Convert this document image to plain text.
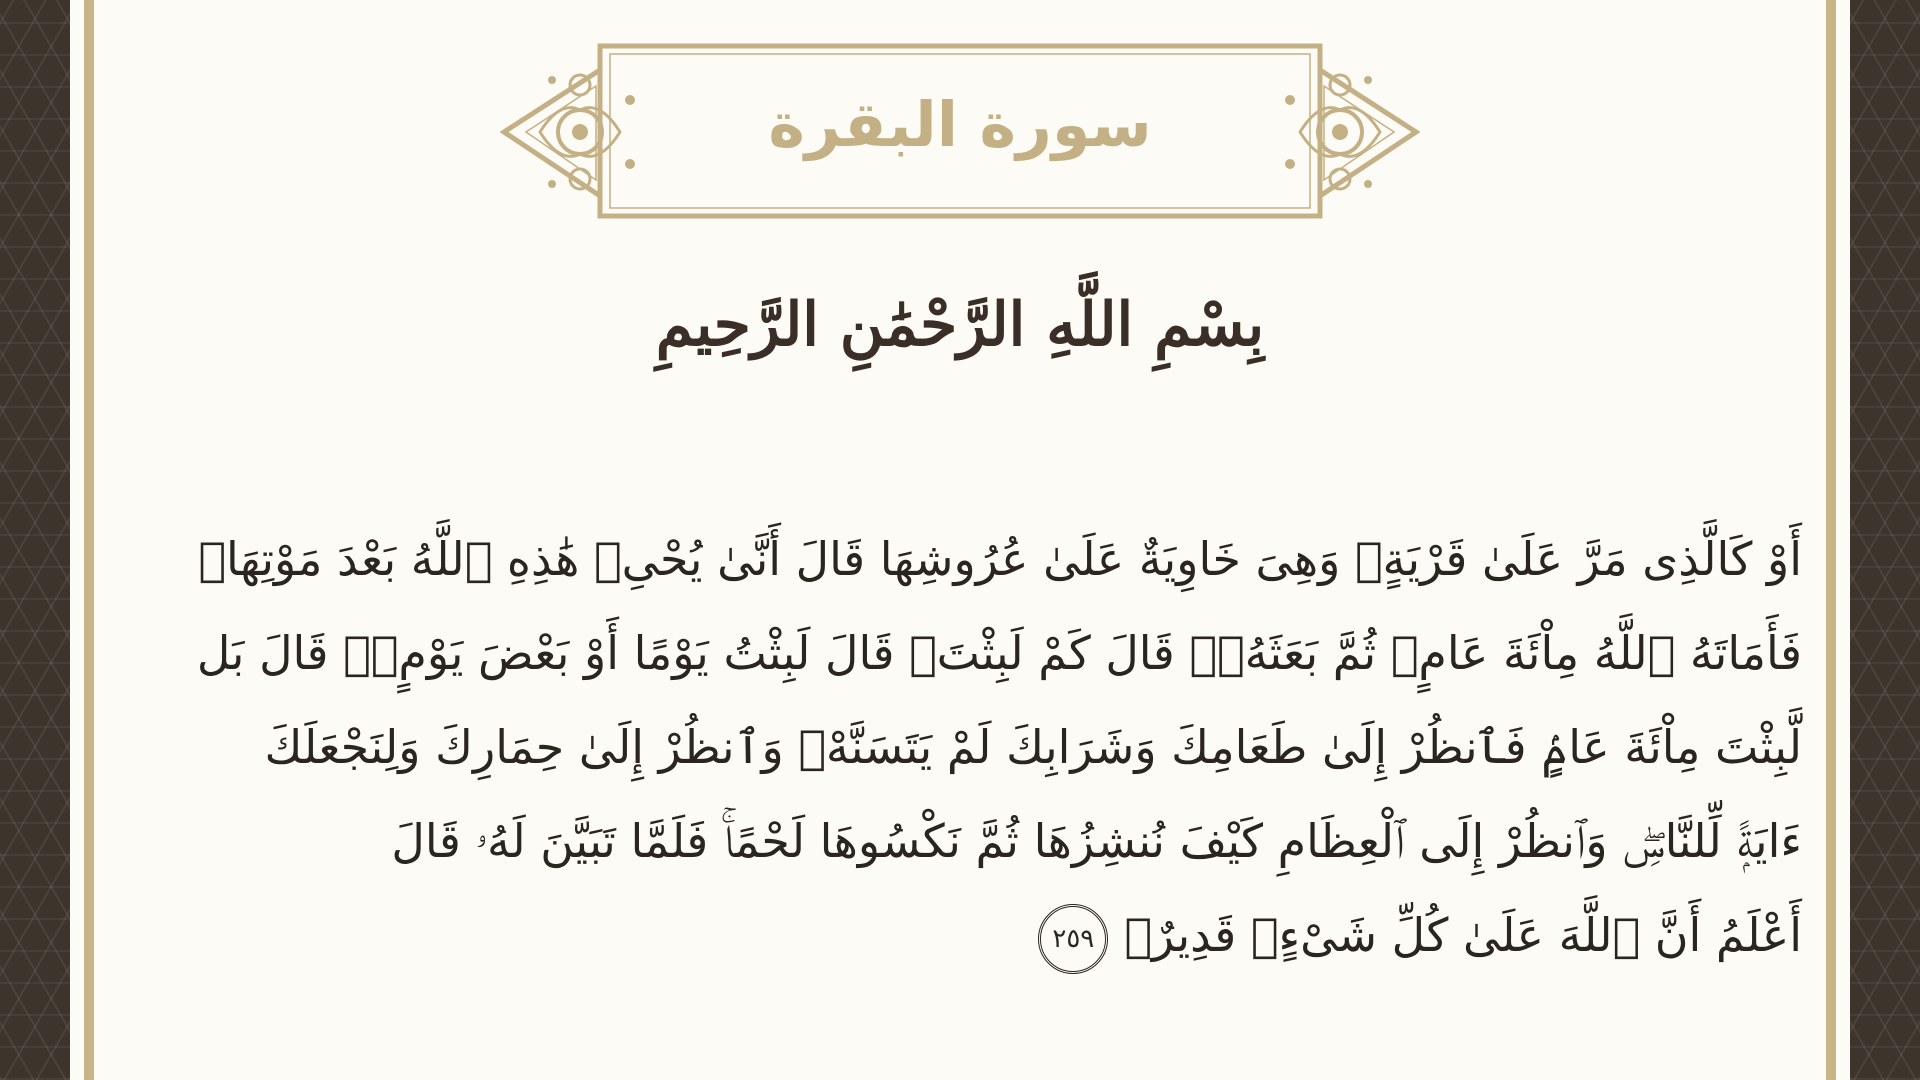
سورة البقرة
بِسْمِ اللَّهِ الرَّحْمَٰنِ الرَّحِيمِ
أَوْ كَالَّذِى مَرَّ عَلَىٰ قَرْيَةٍۢ وَهِىَ خَاوِيَةٌ عَلَىٰ عُرُوشِهَا قَالَ أَنَّىٰ يُحْىِۦ هَٰذِهِ ٱللَّهُ بَعْدَ مَوْتِهَاۖ
فَأَمَاتَهُ ٱللَّهُ مِاْئَةَ عَامٍۢ ثُمَّ بَعَثَهُۥۖ قَالَ كَمْ لَبِثْتَۖ قَالَ لَبِثْتُ يَوْمًا أَوْ بَعْضَ يَوْمٍۢۖ قَالَ بَل
لَّبِثْتَ مِاْئَةَ عَامٍۢ فَٱنظُرْ إِلَىٰ طَعَامِكَ وَشَرَابِكَ لَمْ يَتَسَنَّهْۖ وَٱنظُرْ إِلَىٰ حِمَارِكَ وَلِنَجْعَلَكَ
ءَايَةًۭ لِّلنَّاسِۖ وَٱنظُرْ إِلَى ٱلْعِظَامِ كَيْفَ نُنشِزُهَا ثُمَّ نَكْسُوهَا لَحْمًاۚ فَلَمَّا تَبَيَّنَ لَهُۥ قَالَ
أَعْلَمُ أَنَّ ٱللَّهَ عَلَىٰ كُلِّ شَىْءٍۢ قَدِيرٌۭ٢٥٩
